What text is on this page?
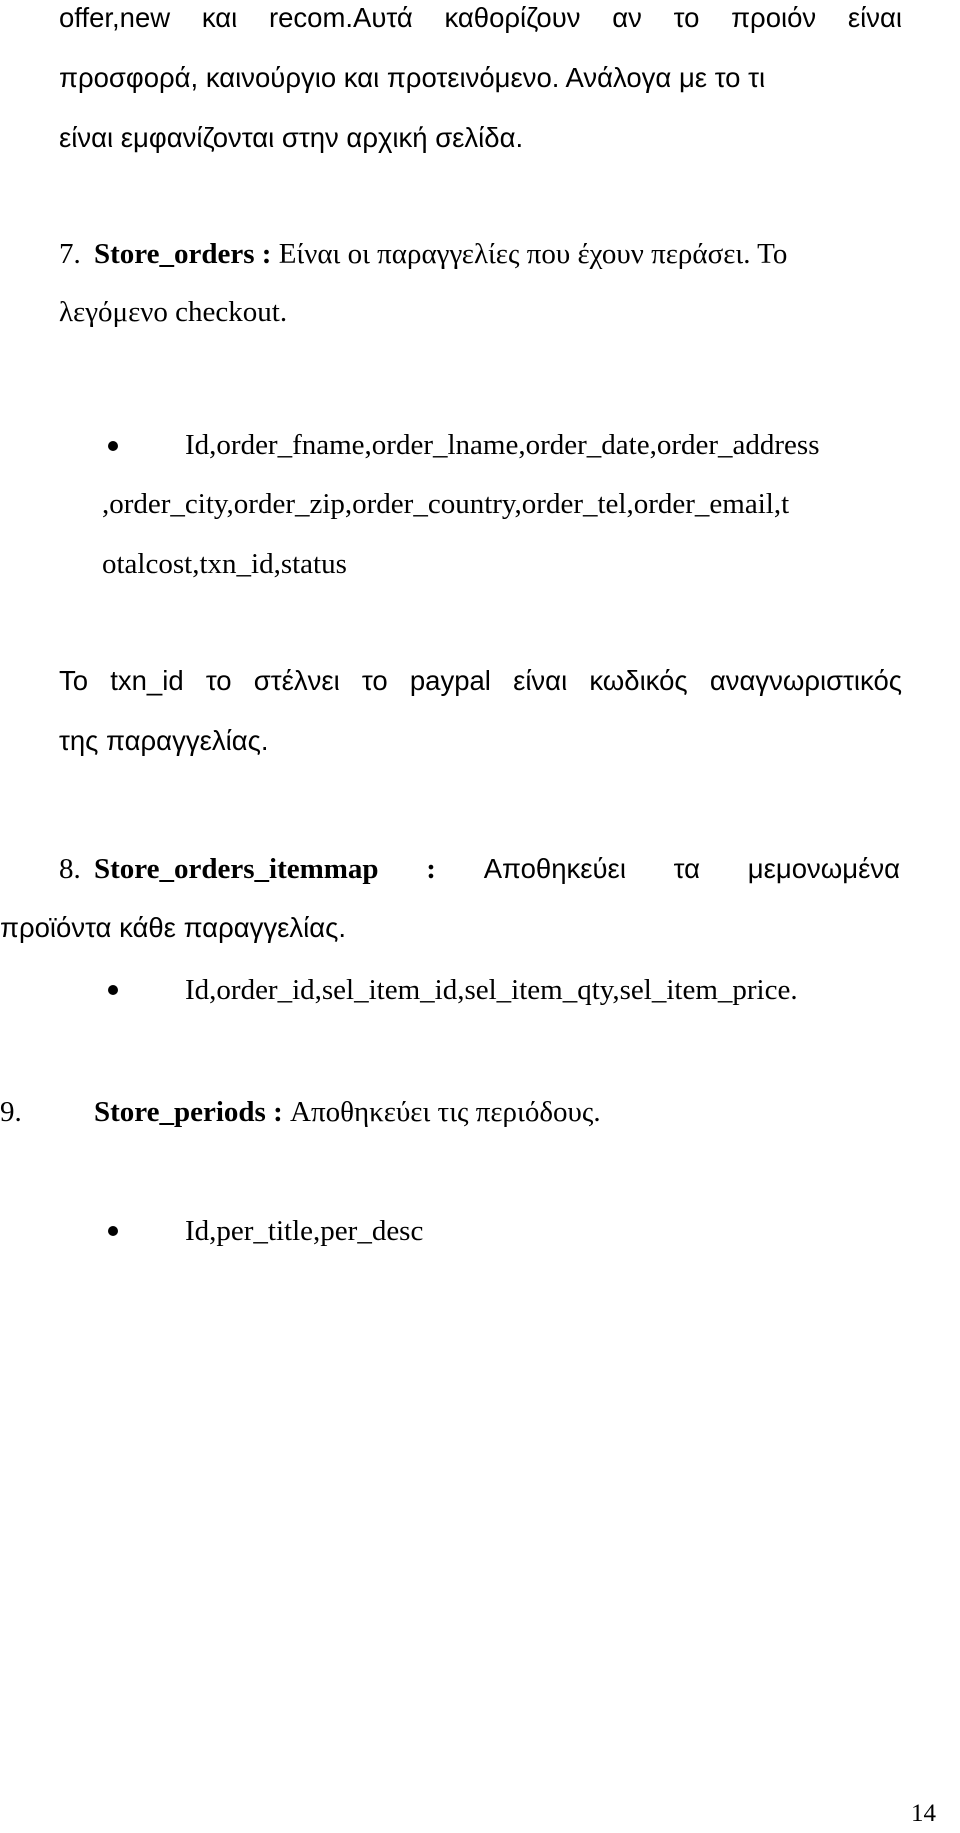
offer,new και recom.Αυτά καθορίζουν αν το προιόν είναι
προσφορά, καινούργιο και προτεινόμενο. Ανάλογα με το τι
είναι εμφανίζονται στην αρχική σελίδα.
7. Store_orders : Είναι οι παραγγελίες που έχουν περάσει. Το
λεγόμενο checkout.
Id,order_fname,order_lname,order_date,order_address
,order_city,order_zip,order_country,order_tel,order_email,t
otalcost,txn_id,status
Το txn_id το στέλνει το paypal είναι κωδικός αναγνωριστικός
της παραγγελίας.
8. Store_orders_itemmap : Αποθηκεύει τα μεμονωμένα
προϊόντα κάθε παραγγελίας.
Id,order_id,sel_item_id,sel_item_qty,sel_item_price.
9. Store_periods : Αποθηκεύει τις περιόδους.
Id,per_title,per_desc
14
